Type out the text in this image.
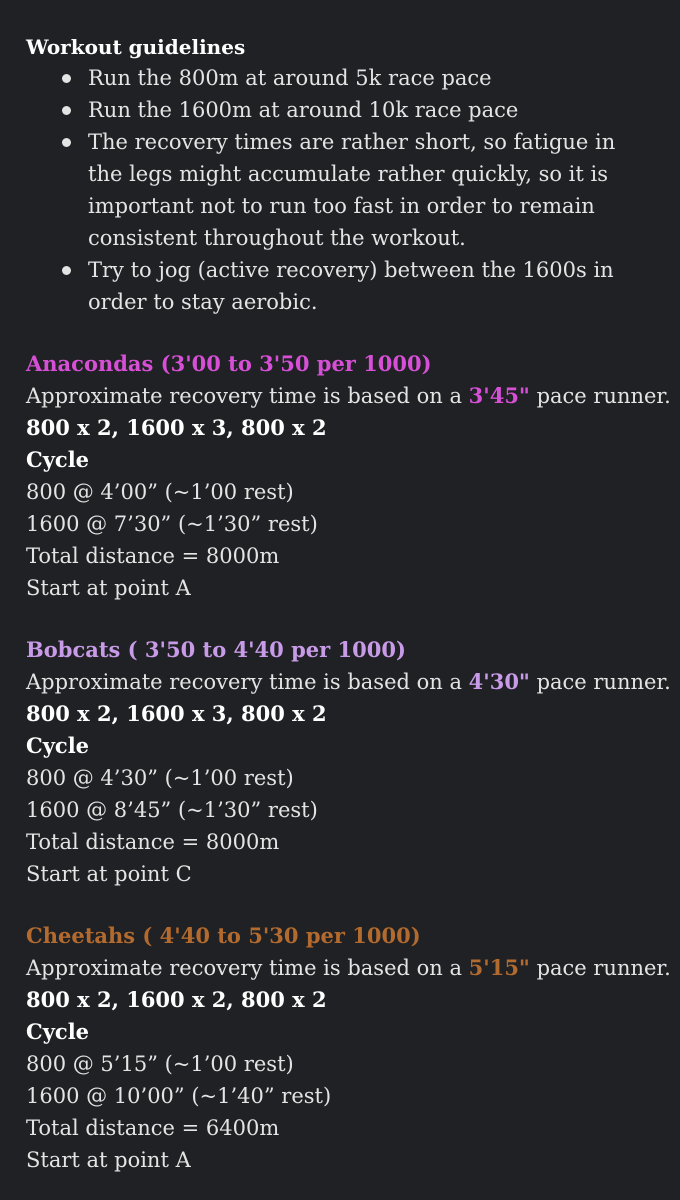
Workout guidelines

Run the 800m at around 5k race pace
Run the 1600m at around 10k race pace
The recovery times are rather short, so fatigue in the legs might accumulate rather quickly, so it is important not to run too fast in order to remain consistent throughout the workout.
Try to jog (active recovery) between the 1600s in order to stay aerobic.

Anacondas (3'00 to 3'50 per 1000)

Approximate recovery time is based on a 3'45" pace runner.

800 x 2, 1600 x 3, 800 x 2

Cycle

800 @ 4’00” (~1’00 rest)

1600 @ 7’30” (~1’30” rest)

Total distance = 8000m

Start at point A

Bobcats ( 3'50 to 4'40 per 1000)

Approximate recovery time is based on a 4'30" pace runner.

800 x 2, 1600 x 3, 800 x 2

Cycle

800 @ 4’30” (~1’00 rest)

1600 @ 8’45” (~1’30” rest)

Total distance = 8000m

Start at point C

Cheetahs ( 4'40 to 5'30 per 1000)

Approximate recovery time is based on a 5'15" pace runner.

800 x 2, 1600 x 2, 800 x 2

Cycle

800 @ 5’15” (~1’00 rest)

1600 @ 10’00” (~1’40” rest)

Total distance = 6400m

Start at point A
